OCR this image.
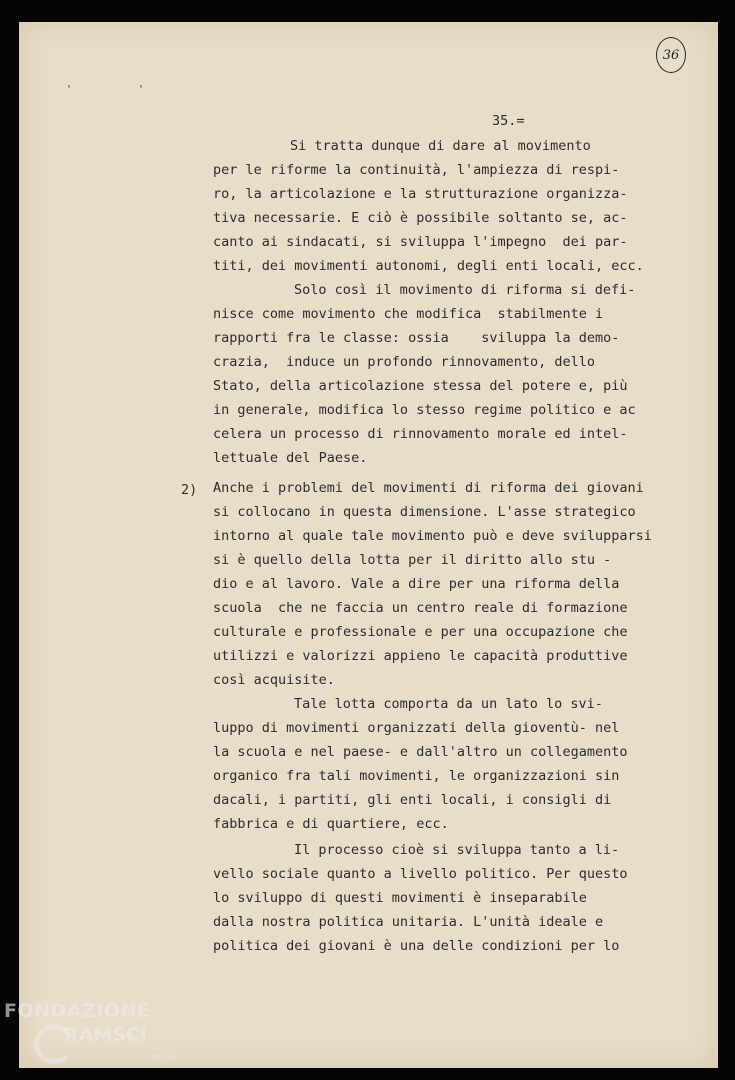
' '
36
35.=
Si tratta dunque di dare al movimento
per le riforme la continuità, l'ampiezza di respi-
ro, la articolazione e la strutturazione organizza-
tiva necessarie. E ciò è possibile soltanto se, ac-
canto ai sindacati, si sviluppa l'impegno  dei par-
titi, dei movimenti autonomi, degli enti locali, ecc.
Solo così il movimento di riforma si defi-
nisce come movimento che modifica  stabilmente i
rapporti fra le classe: ossia    sviluppa la demo-
crazia,  induce un profondo rinnovamento, dello
Stato, della articolazione stessa del potere e, più
in generale, modifica lo stesso regime politico e ac
celera un processo di rinnovamento morale ed intel-
lettuale del Paese.
2) Anche i problemi del movimenti di riforma dei giovani
si collocano in questa dimensione. L'asse strategico
intorno al quale tale movimento può e deve svilupparsi
si è quello della lotta per il diritto allo stu -
dio e al lavoro. Vale a dire per una riforma della
scuola  che ne faccia un centro reale di formazione
culturale e professionale e per una occupazione che
utilizzi e valorizzi appieno le capacità produttive
così acquisite.
Tale lotta comporta da un lato lo svi-
luppo di movimenti organizzati della gioventù- nel
la scuola e nel paese- e dall'altro un collegamento
organico fra tali movimenti, le organizzazioni sin
dacali, i partiti, gli enti locali, i consigli di
fabbrica e di quartiere, ecc.
Il processo cioè si sviluppa tanto a li-
vello sociale quanto a livello politico. Per questo
lo sviluppo di questi movimenti è inseparabile
dalla nostra politica unitaria. L'unità ideale e
politica dei giovani è una delle condizioni per lo
FONDAZIONE
RAMSCI
onlus
